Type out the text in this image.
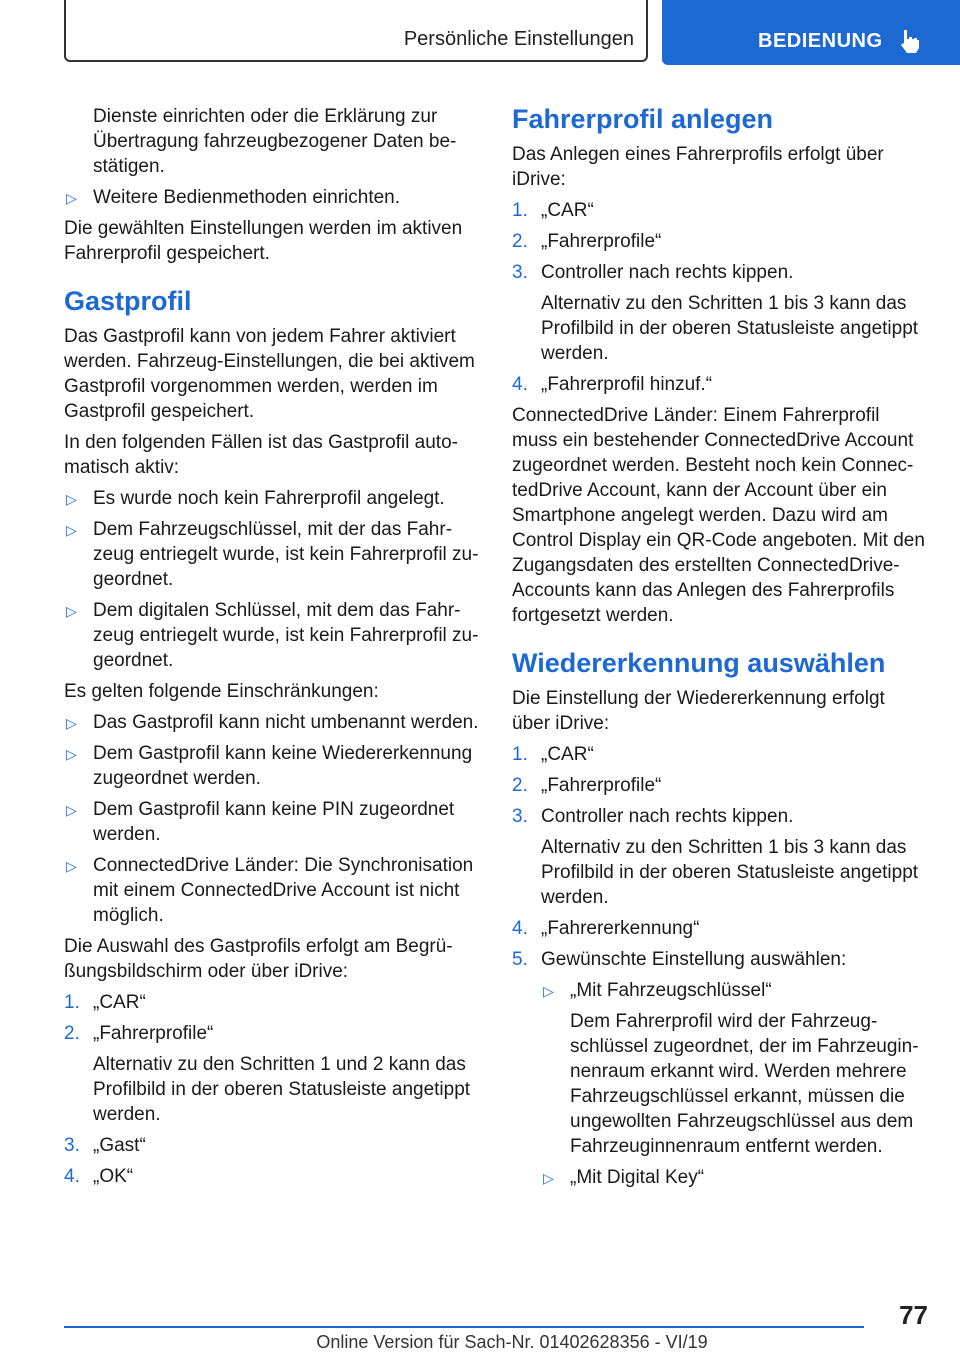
Persönliche Einstellungen	BEDIENUNG

Dienste einrichten oder die Erklärung zur Übertragung fahrzeugbezogener Daten bestätigen.

▷ Weitere Bedienmethoden einrichten.

Die gewählten Einstellungen werden im aktiven Fahrerprofil gespeichert.

Gastprofil

Das Gastprofil kann von jedem Fahrer aktiviert werden. Fahrzeug-Einstellungen, die bei aktivem Gastprofil vorgenommen werden, werden im Gastprofil gespeichert.

In den folgenden Fällen ist das Gastprofil automatisch aktiv:

▷ Es wurde noch kein Fahrerprofil angelegt.
▷ Dem Fahrzeugschlüssel, mit der das Fahrzeug entriegelt wurde, ist kein Fahrerprofil zugeordnet.
▷ Dem digitalen Schlüssel, mit dem das Fahrzeug entriegelt wurde, ist kein Fahrerprofil zugeordnet.

Es gelten folgende Einschränkungen:

▷ Das Gastprofil kann nicht umbenannt werden.
▷ Dem Gastprofil kann keine Wiedererkennung zugeordnet werden.
▷ Dem Gastprofil kann keine PIN zugeordnet werden.
▷ ConnectedDrive Länder: Die Synchronisation mit einem ConnectedDrive Account ist nicht möglich.

Die Auswahl des Gastprofils erfolgt am Begrüßungsbildschirm oder über iDrive:

1. „CAR“
2. „Fahrerprofile“
Alternativ zu den Schritten 1 und 2 kann das Profilbild in der oberen Statusleiste angetippt werden.
3. „Gast“
4. „OK“
Fahrerprofil anlegen

Das Anlegen eines Fahrerprofils erfolgt über iDrive:

1. „CAR“
2. „Fahrerprofile“
3. Controller nach rechts kippen.
Alternativ zu den Schritten 1 bis 3 kann das Profilbild in der oberen Statusleiste angetippt werden.
4. „Fahrerprofil hinzuf.“

ConnectedDrive Länder: Einem Fahrerprofil muss ein bestehender ConnectedDrive Account zugeordnet werden. Besteht noch kein ConnectedDrive Account, kann der Account über ein Smartphone angelegt werden. Dazu wird am Control Display ein QR-Code angeboten. Mit den Zugangsdaten des erstellten ConnectedDrive-Accounts kann das Anlegen des Fahrerprofils fortgesetzt werden.

Wiedererkennung auswählen

Die Einstellung der Wiedererkennung erfolgt über iDrive:

1. „CAR“
2. „Fahrerprofile“
3. Controller nach rechts kippen.
Alternativ zu den Schritten 1 bis 3 kann das Profilbild in der oberen Statusleiste angetippt werden.
4. „Fahrererkennung“
5. Gewünschte Einstellung auswählen:
▷ „Mit Fahrzeugschlüssel“
Dem Fahrerprofil wird der Fahrzeugschlüssel zugeordnet, der im Fahrzeuginnenraum erkannt wird. Werden mehrere Fahrzeugschlüssel erkannt, müssen die ungewollten Fahrzeugschlüssel aus dem Fahrzeuginnenraum entfernt werden.
▷ „Mit Digital Key“
77
Online Version für Sach-Nr. 01402628356 - VI/19
